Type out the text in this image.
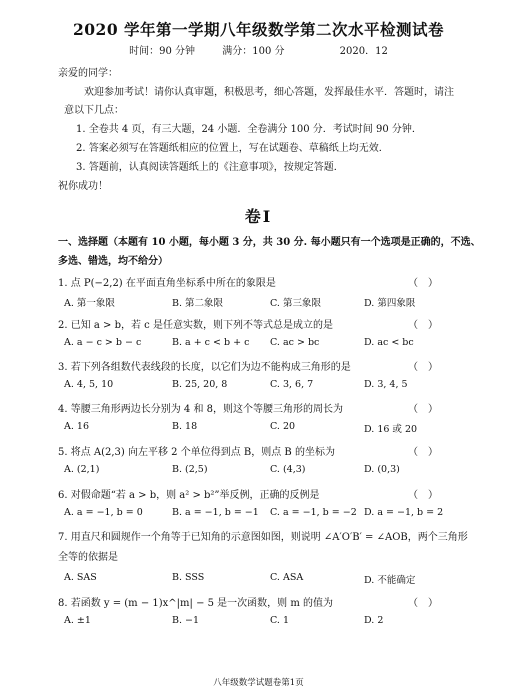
2020 学年第一学期八年级数学第二次水平检测试卷
时间：90 分钟	满分：100 分	2020．12
亲爱的同学：
欢迎参加考试！请你认真审题，积极思考，细心答题，发挥最佳水平．答题时，请注
意以下几点：
1. 全卷共 4 页，有三大题，24 小题．全卷满分 100 分．考试时间 90 分钟．
2. 答案必须写在答题纸相应的位置上，写在试题卷、草稿纸上均无效．
3. 答题前，认真阅读答题纸上的《注意事项》，按规定答题．
祝你成功！
卷Ⅰ
一、选择题（本题有 10 小题，每小题 3 分，共 30 分. 每小题只有一个选项是正确的，不选、
多选、错选，均不给分）
1. 点 P(−2,2) 在平面直角坐标系中所在的象限是	（　）
A. 第一象限	B. 第二象限	C. 第三象限	D. 第四象限
2. 已知 a > b，若 c 是任意实数，则下列不等式总是成立的是	（　）
A. a − c > b − c	B. a + c < b + c C. ac > bc	D. ac < bc
3. 若下列各组数代表线段的长度，以它们为边不能构成三角形的是	（　）
A. 4, 5, 10	B. 25, 20, 8	C. 3, 6, 7	D. 3, 4, 5
4. 等腰三角形两边长分别为 4 和 8，则这个等腰三角形的周长为	（　）
A. 16	B. 18	C. 20	D. 16 或 20
5. 将点 A(2,3) 向左平移 2 个单位得到点 B，则点 B 的坐标为	（　）
A. (2,1)	B. (2,5)	C. (4,3)	D. (0,3)
6. 对假命题“若 a > b，则 a² > b²”举反例，正确的反例是	（　）
A. a = −1, b = 0	B. a = −1, b = −1 C. a = −1, b = −2 D. a = −1, b = 2
7. 用直尺和圆规作一个角等于已知角的示意图如图，则说明 ∠A′O′B′ = ∠AOB，两个三角形
全等的依据是
A. SAS	B. SSS	C. ASA	D. 不能确定
8. 若函数 y = (m − 1)x^|m| − 5 是一次函数，则 m 的值为	（　）
A. ±1	B. −1	C. 1	D. 2
八年级数学试题卷第1页
